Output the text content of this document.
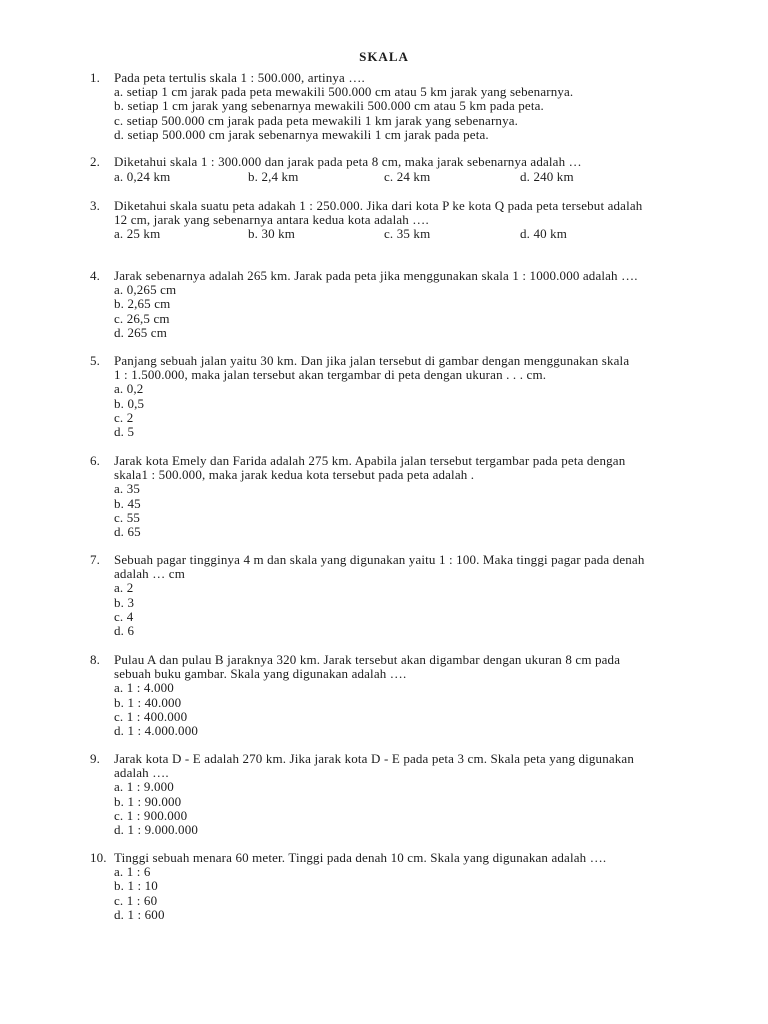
SKALA
1. Pada peta tertulis skala 1 : 500.000, artinya ….
a. setiap 1 cm jarak pada peta mewakili 500.000 cm atau 5 km jarak yang sebenarnya.
b. setiap 1 cm jarak yang sebenarnya mewakili 500.000 cm atau 5 km pada peta.
c. setiap 500.000 cm jarak pada peta mewakili 1 km jarak yang sebenarnya.
d. setiap 500.000 cm jarak sebenarnya mewakili 1 cm jarak pada peta.
2. Diketahui skala 1 : 300.000 dan jarak pada peta 8 cm, maka jarak sebenarnya adalah …
a. 0,24 km	b. 2,4 km	c. 24 km	d. 240 km
3. Diketahui skala suatu peta adakah 1 : 250.000. Jika dari kota P ke kota Q pada peta tersebut adalah
12 cm, jarak yang sebenarnya antara kedua kota adalah ….
a. 25 km	b. 30 km	c. 35 km	d. 40 km
4. Jarak sebenarnya adalah 265 km. Jarak pada peta jika menggunakan skala 1 : 1000.000 adalah ….
a. 0,265 cm
b. 2,65 cm
c. 26,5 cm
d. 265 cm
5. Panjang sebuah jalan yaitu 30 km. Dan jika jalan tersebut di gambar dengan menggunakan skala
1 : 1.500.000, maka jalan tersebut akan tergambar di peta dengan ukuran . . . cm.
a. 0,2
b. 0,5
c. 2
d. 5
6. Jarak kota Emely dan Farida adalah 275 km. Apabila jalan tersebut tergambar pada peta dengan
skala1 : 500.000, maka jarak kedua kota tersebut pada peta adalah .
a. 35
b. 45
c. 55
d. 65
7. Sebuah pagar tingginya 4 m dan skala yang digunakan yaitu 1 : 100. Maka tinggi pagar pada denah
adalah … cm
a. 2
b. 3
c. 4
d. 6
8. Pulau A dan pulau B jaraknya 320 km. Jarak tersebut akan digambar dengan ukuran 8 cm pada
sebuah buku gambar. Skala yang digunakan adalah ….
a. 1 : 4.000
b. 1 : 40.000
c. 1 : 400.000
d. 1 : 4.000.000
9. Jarak kota D - E adalah 270 km. Jika jarak kota D - E pada peta 3 cm. Skala peta yang digunakan
adalah ….
a. 1 : 9.000
b. 1 : 90.000
c. 1 : 900.000
d. 1 : 9.000.000
10. Tinggi sebuah menara 60 meter. Tinggi pada denah 10 cm. Skala yang digunakan adalah ….
a. 1 : 6
b. 1 : 10
c. 1 : 60
d. 1 : 600
